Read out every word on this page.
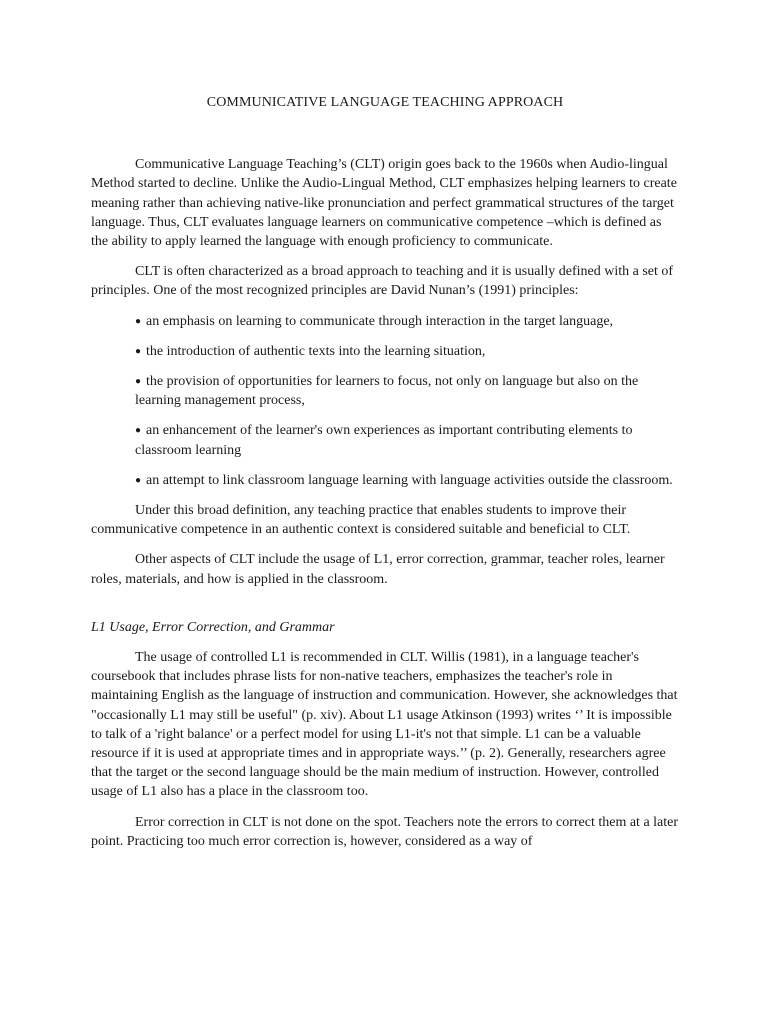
COMMUNICATIVE LANGUAGE TEACHING APPROACH

Communicative Language Teaching’s (CLT) origin goes back to the 1960s when Audio-lingual Method started to decline. Unlike the Audio-Lingual Method, CLT emphasizes helping learners to create meaning rather than achieving native-like pronunciation and perfect grammatical structures of the target language. Thus, CLT evaluates language learners on communicative competence –which is defined as the ability to apply learned the language with enough proficiency to communicate.

CLT is often characterized as a broad approach to teaching and it is usually defined with a set of principles. One of the most recognized principles are David Nunan’s (1991) principles:

● an emphasis on learning to communicate through interaction in the target language,
● the introduction of authentic texts into the learning situation,
● the provision of opportunities for learners to focus, not only on language but also on the learning management process,
● an enhancement of the learner's own experiences as important contributing elements to classroom learning
● an attempt to link classroom language learning with language activities outside the classroom.

Under this broad definition, any teaching practice that enables students to improve their communicative competence in an authentic context is considered suitable and beneficial to CLT.

Other aspects of CLT include the usage of L1, error correction, grammar, teacher roles, learner roles, materials, and how is applied in the classroom.

L1 Usage, Error Correction, and Grammar

The usage of controlled L1 is recommended in CLT. Willis (1981), in a language teacher's coursebook that includes phrase lists for non-native teachers, emphasizes the teacher's role in maintaining English as the language of instruction and communication. However, she acknowledges that "occasionally L1 may still be useful" (p. xiv). About L1 usage Atkinson (1993) writes ‘’ It is impossible to talk of a 'right balance' or a perfect model for using L1-it's not that simple. L1 can be a valuable resource if it is used at appropriate times and in appropriate ways.’’ (p. 2). Generally, researchers agree that the target or the second language should be the main medium of instruction. However, controlled usage of L1 also has a place in the classroom too.

Error correction in CLT is not done on the spot. Teachers note the errors to correct them at a later point. Practicing too much error correction is, however, considered as a way of
